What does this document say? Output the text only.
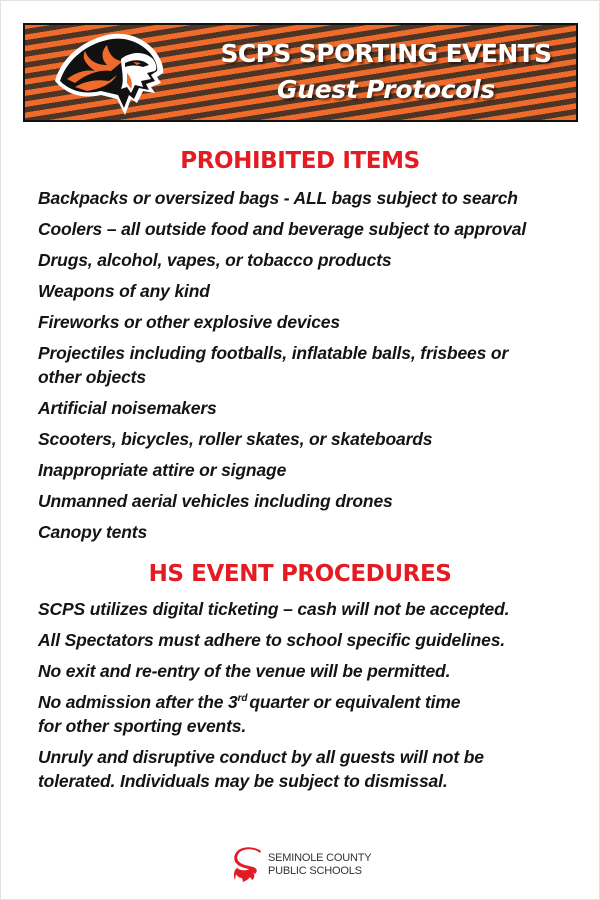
SCPS SPORTING EVENTS
Guest Protocols
PROHIBITED ITEMS
Backpacks or oversized bags - ALL bags subject to search
Coolers – all outside food and beverage subject to approval
Drugs, alcohol, vapes, or tobacco products
Weapons of any kind
Fireworks or other explosive devices
Projectiles including footballs, inflatable balls, frisbees or
other objects
Artificial noisemakers
Scooters, bicycles, roller skates, or skateboards
Inappropriate attire or signage
Unmanned aerial vehicles including drones
Canopy tents
HS EVENT PROCEDURES
SCPS utilizes digital ticketing – cash will not be accepted.
All Spectators must adhere to school specific guidelines.
No exit and re-entry of the venue will be permitted.
No admission after the 3rd quarter or equivalent time
for other sporting events.
Unruly and disruptive conduct by all guests will not be
tolerated. Individuals may be subject to dismissal.
SEMINOLE COUNTY
PUBLIC SCHOOLS
